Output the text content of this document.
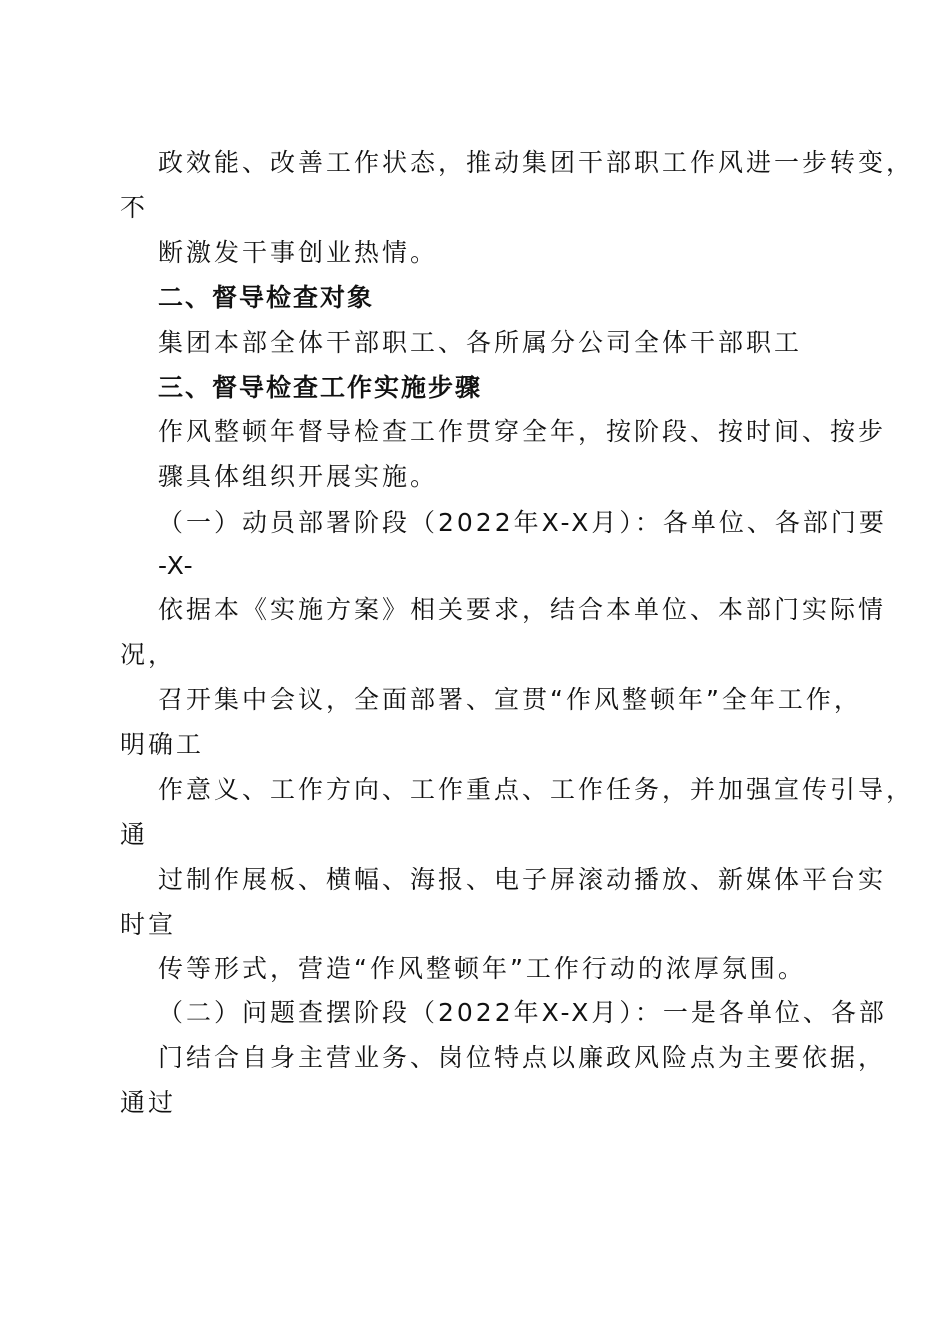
政效能、改善工作状态，推动集团干部职工作风进一步转变，
不
断激发干事创业热情。
二、督导检查对象
集团本部全体干部职工、各所属分公司全体干部职工
三、督导检查工作实施步骤
作风整顿年督导检查工作贯穿全年，按阶段、按时间、按步
骤具体组织开展实施。
（一）动员部署阶段（2022年X-X月）：各单位、各部门要
-X-
依据本《实施方案》相关要求，结合本单位、本部门实际情
况，
召开集中会议，全面部署、宣贯“作风整顿年”全年工作，
明确工
作意义、工作方向、工作重点、工作任务，并加强宣传引导，
通
过制作展板、横幅、海报、电子屏滚动播放、新媒体平台实
时宣
传等形式，营造“作风整顿年”工作行动的浓厚氛围。
（二）问题查摆阶段（2022年X-X月）：一是各单位、各部
门结合自身主营业务、岗位特点以廉政风险点为主要依据，
通过
